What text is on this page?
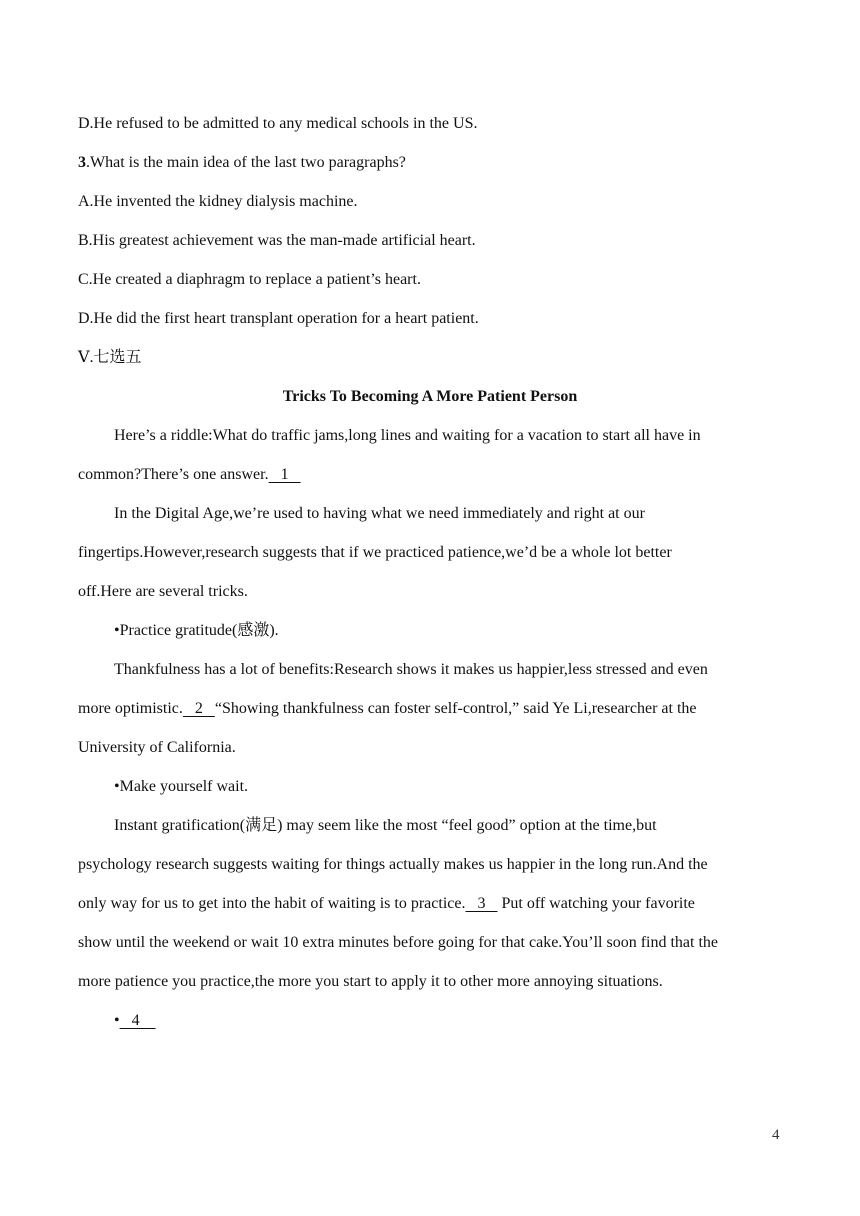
D.He refused to be admitted to any medical schools in the US.
3.What is the main idea of the last two paragraphs?
A.He invented the kidney dialysis machine.
B.His greatest achievement was the man-made artificial heart.
C.He created a diaphragm to replace a patient’s heart.
D.He did the first heart transplant operation for a heart patient.
Ⅴ.七选五
Tricks To Becoming A More Patient Person
Here’s a riddle:What do traffic jams,long lines and waiting for a vacation to start all have in
common?There’s one answer.   1
In the Digital Age,we’re used to having what we need immediately and right at our
fingertips.However,research suggests that if we practiced patience,we’d be a whole lot better
off.Here are several tricks.
•Practice gratitude(感激).
Thankfulness has a lot of benefits:Research shows it makes us happier,less stressed and even
more optimistic.   2   “Showing thankfulness can foster self-control,” said Ye Li,researcher at the
University of California.
•Make yourself wait.
Instant gratification(满足) may seem like the most “feel good” option at the time,but
psychology research suggests waiting for things actually makes us happier in the long run.And the
only way for us to get into the habit of waiting is to practice.   3    Put off watching your favorite
show until the weekend or wait 10 extra minutes before going for that cake.You’ll soon find that the
more patience you practice,the more you start to apply it to other more annoying situations.
•   4
4
